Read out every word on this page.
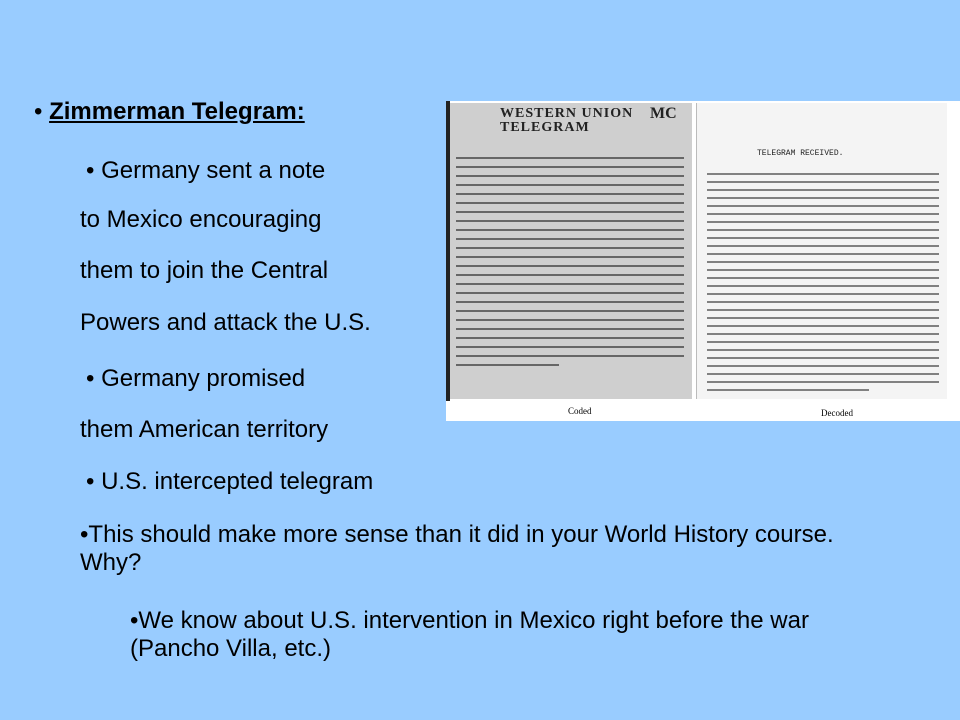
• Zimmerman Telegram:
• Germany sent a note
to Mexico encouraging
them to join the Central
Powers and attack the U.S.
• Germany promised
them American territory
• U.S. intercepted telegram
•This should make more sense than it did in your World History course. Why?
•We know about U.S. intervention in Mexico right before the war (Pancho Villa, etc.)
WESTERN UNION TELEGRAM
MC
TELEGRAM RECEIVED.
Coded	Decoded
